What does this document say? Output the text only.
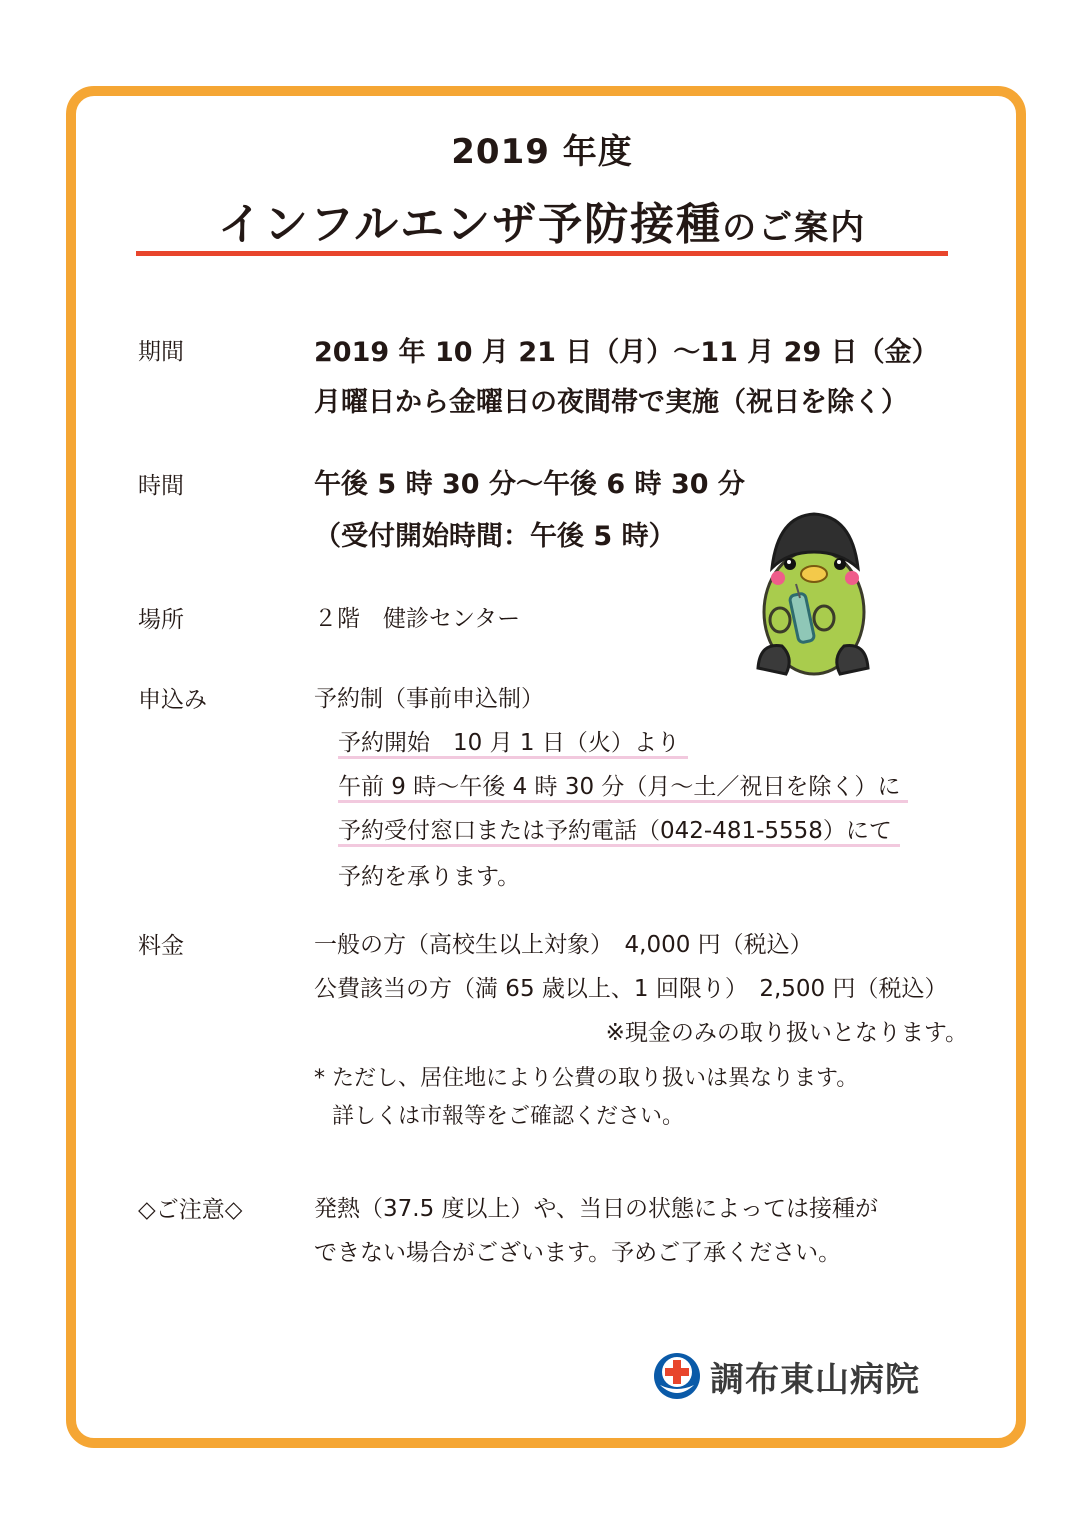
2019 年度
インフルエンザ予防接種のご案内
期間	2019 年 10 月 21 日（月）〜11 月 29 日（金）
月曜日から金曜日の夜間帯で実施（祝日を除く）
時間	午後 5 時 30 分〜午後 6 時 30 分
（受付開始時間：午後 5 時）
場所	２階　健診センター
申込み	予約制（事前申込制）
予約開始　10 月 1 日（火）より
午前 9 時〜午後 4 時 30 分（月〜土／祝日を除く）に
予約受付窓口または予約電話（042-481-5558）にて
予約を承ります。
料金	一般の方（高校生以上対象）　4,000 円（税込）
公費該当の方（満 65 歳以上、1 回限り）　2,500 円（税込）
※現金のみの取り扱いとなります。
* ただし、居住地により公費の取り扱いは異なります。
詳しくは市報等をご確認ください。
◇ご注意◇	発熱（37.5 度以上）や、当日の状態によっては接種が
できない場合がございます。予めご了承ください。
調布東山病院
